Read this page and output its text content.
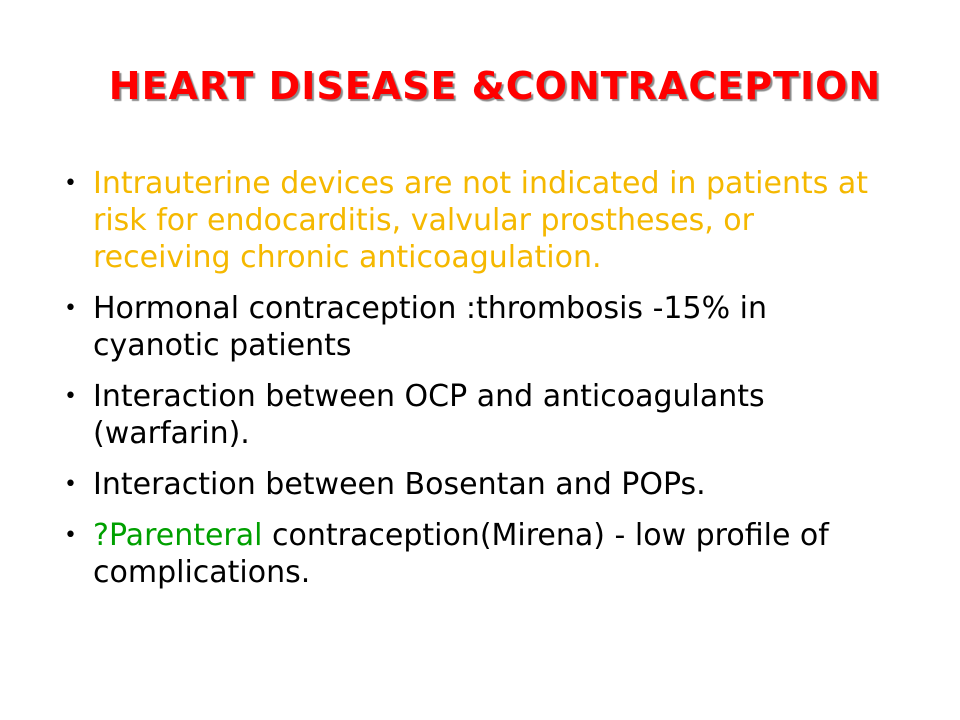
HEART DISEASE &CONTRACEPTION
• Intrauterine devices are not indicated in patients at risk for endocarditis, valvular prostheses, or receiving chronic anticoagulation.
• Hormonal contraception :thrombosis -15% in cyanotic patients
• Interaction between OCP and anticoagulants (warfarin).
• Interaction between Bosentan and POPs.
• ?Parenteral contraception(Mirena) - low profile of complications.
